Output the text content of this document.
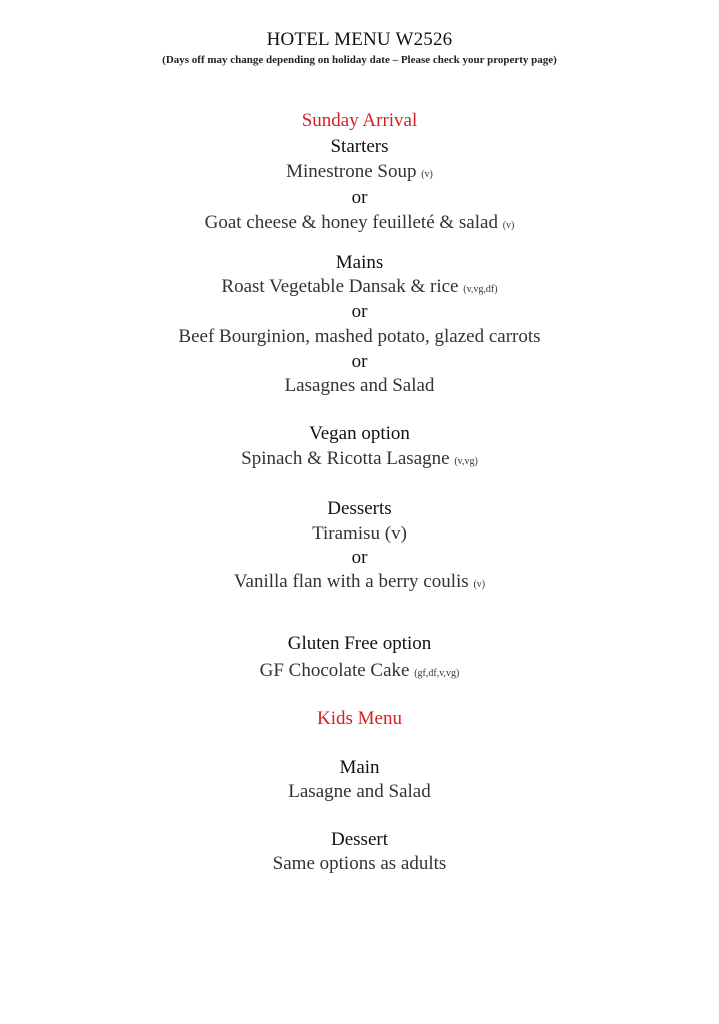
HOTEL MENU W2526
(Days off may change depending on holiday date – Please check your property page)
Sunday Arrival
Starters
Minestrone Soup (v)
or
Goat cheese & honey feuilleté & salad (v)
Mains
Roast Vegetable Dansak & rice (v,vg,df)
or
Beef Bourginion, mashed potato, glazed carrots
or
Lasagnes and Salad
Vegan option
Spinach & Ricotta Lasagne (v,vg)
Desserts
Tiramisu (v)
or
Vanilla flan with a berry coulis (v)
Gluten Free option
GF Chocolate Cake (gf,df,v,vg)
Kids Menu
Main
Lasagne and Salad
Dessert
Same options as adults
